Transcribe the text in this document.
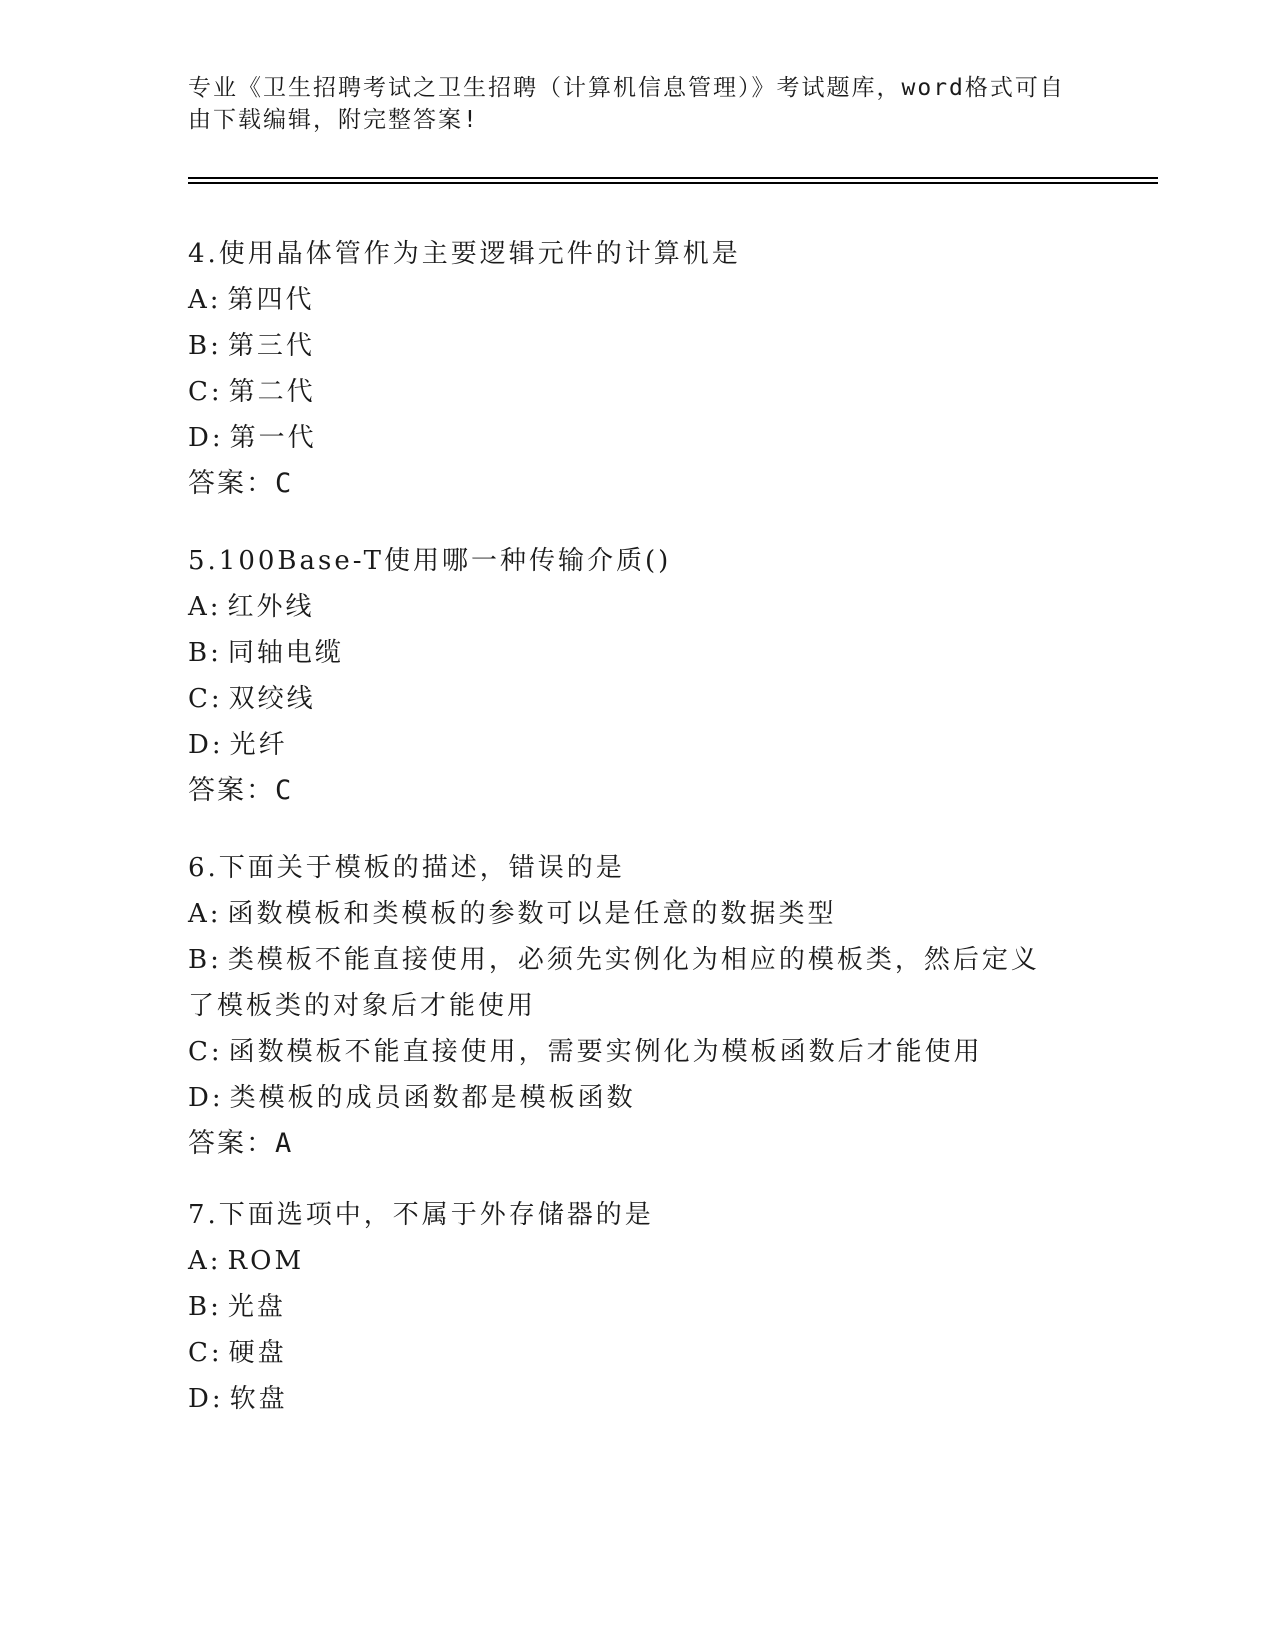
专业《卫生招聘考试之卫生招聘（计算机信息管理）》考试题库，word格式可自
由下载编辑，附完整答案!
4.使用晶体管作为主要逻辑元件的计算机是
A: 第四代
B: 第三代
C: 第二代
D: 第一代
答案：C
5.100Base-T使用哪一种传输介质()
A: 红外线
B: 同轴电缆
C: 双绞线
D: 光纤
答案：C
6.下面关于模板的描述，错误的是
A: 函数模板和类模板的参数可以是任意的数据类型
B: 类模板不能直接使用，必须先实例化为相应的模板类，然后定义了模板类的对象后才能使用
C: 函数模板不能直接使用，需要实例化为模板函数后才能使用
D: 类模板的成员函数都是模板函数
答案：A
7.下面选项中，不属于外存储器的是
A: ROM
B: 光盘
C: 硬盘
D: 软盘
